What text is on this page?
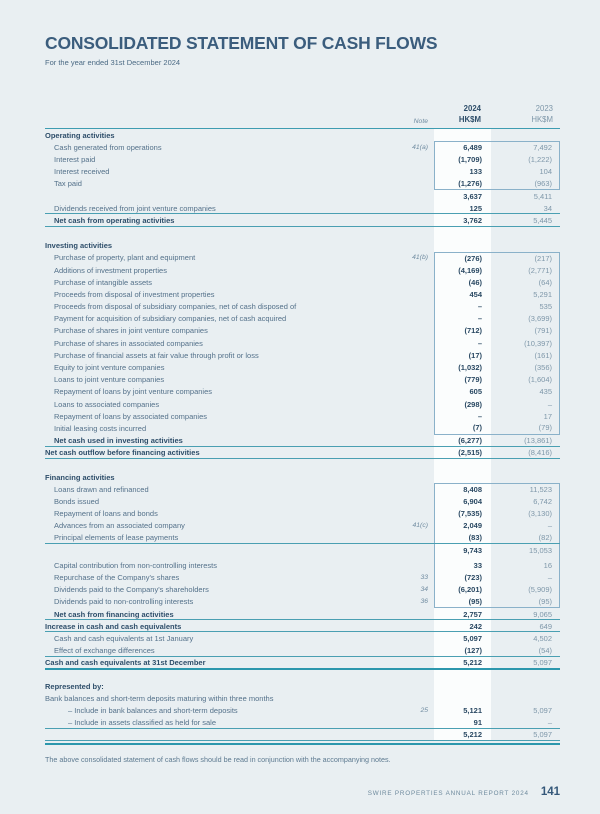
CONSOLIDATED STATEMENT OF CASH FLOWS
For the year ended 31st December 2024
Note
2024
HK$M
2023
HK$M
Operating activities
Cash generated from operations	41(a)	6,489	7,492
Interest paid	(1,709)	(1,222)
Interest received	133	104
Tax paid	(1,276)	(963)
3,637	5,411
Dividends received from joint venture companies	125	34
Net cash from operating activities	3,762	5,445
Investing activities
Purchase of property, plant and equipment	41(b)	(276)	(217)
Additions of investment properties	(4,169)	(2,771)
Purchase of intangible assets	(46)	(64)
Proceeds from disposal of investment properties	454	5,291
Proceeds from disposal of subsidiary companies, net of cash disposed of	–	535
Payment for acquisition of subsidiary companies, net of cash acquired	–	(3,699)
Purchase of shares in joint venture companies	(712)	(791)
Purchase of shares in associated companies	–	(10,397)
Purchase of financial assets at fair value through profit or loss	(17)	(161)
Equity to joint venture companies	(1,032)	(356)
Loans to joint venture companies	(779)	(1,604)
Repayment of loans by joint venture companies	605	435
Loans to associated companies	(298)	–
Repayment of loans by associated companies	–	17
Initial leasing costs incurred	(7)	(79)
Net cash used in investing activities	(6,277)	(13,861)
Net cash outflow before financing activities	(2,515)	(8,416)
Financing activities
Loans drawn and refinanced	8,408	11,523
Bonds issued	6,904	6,742
Repayment of loans and bonds	(7,535)	(3,130)
Advances from an associated company	41(c)	2,049	–
Principal elements of lease payments	(83)	(82)
9,743	15,053
Capital contribution from non-controlling interests	33	16
Repurchase of the Company's shares	33	(723)	–
Dividends paid to the Company's shareholders	34	(6,201)	(5,909)
Dividends paid to non-controlling interests	36	(95)	(95)
Net cash from financing activities	2,757	9,065
Increase in cash and cash equivalents	242	649
Cash and cash equivalents at 1st January	5,097	4,502
Effect of exchange differences	(127)	(54)
Cash and cash equivalents at 31st December	5,212	5,097
Represented by:
Bank balances and short-term deposits maturing within three months
– Include in bank balances and short-term deposits	25	5,121	5,097
– Include in assets classified as held for sale	91	–
5,212	5,097
The above consolidated statement of cash flows should be read in conjunction with the accompanying notes.
SWIRE PROPERTIES ANNUAL REPORT 2024 141
